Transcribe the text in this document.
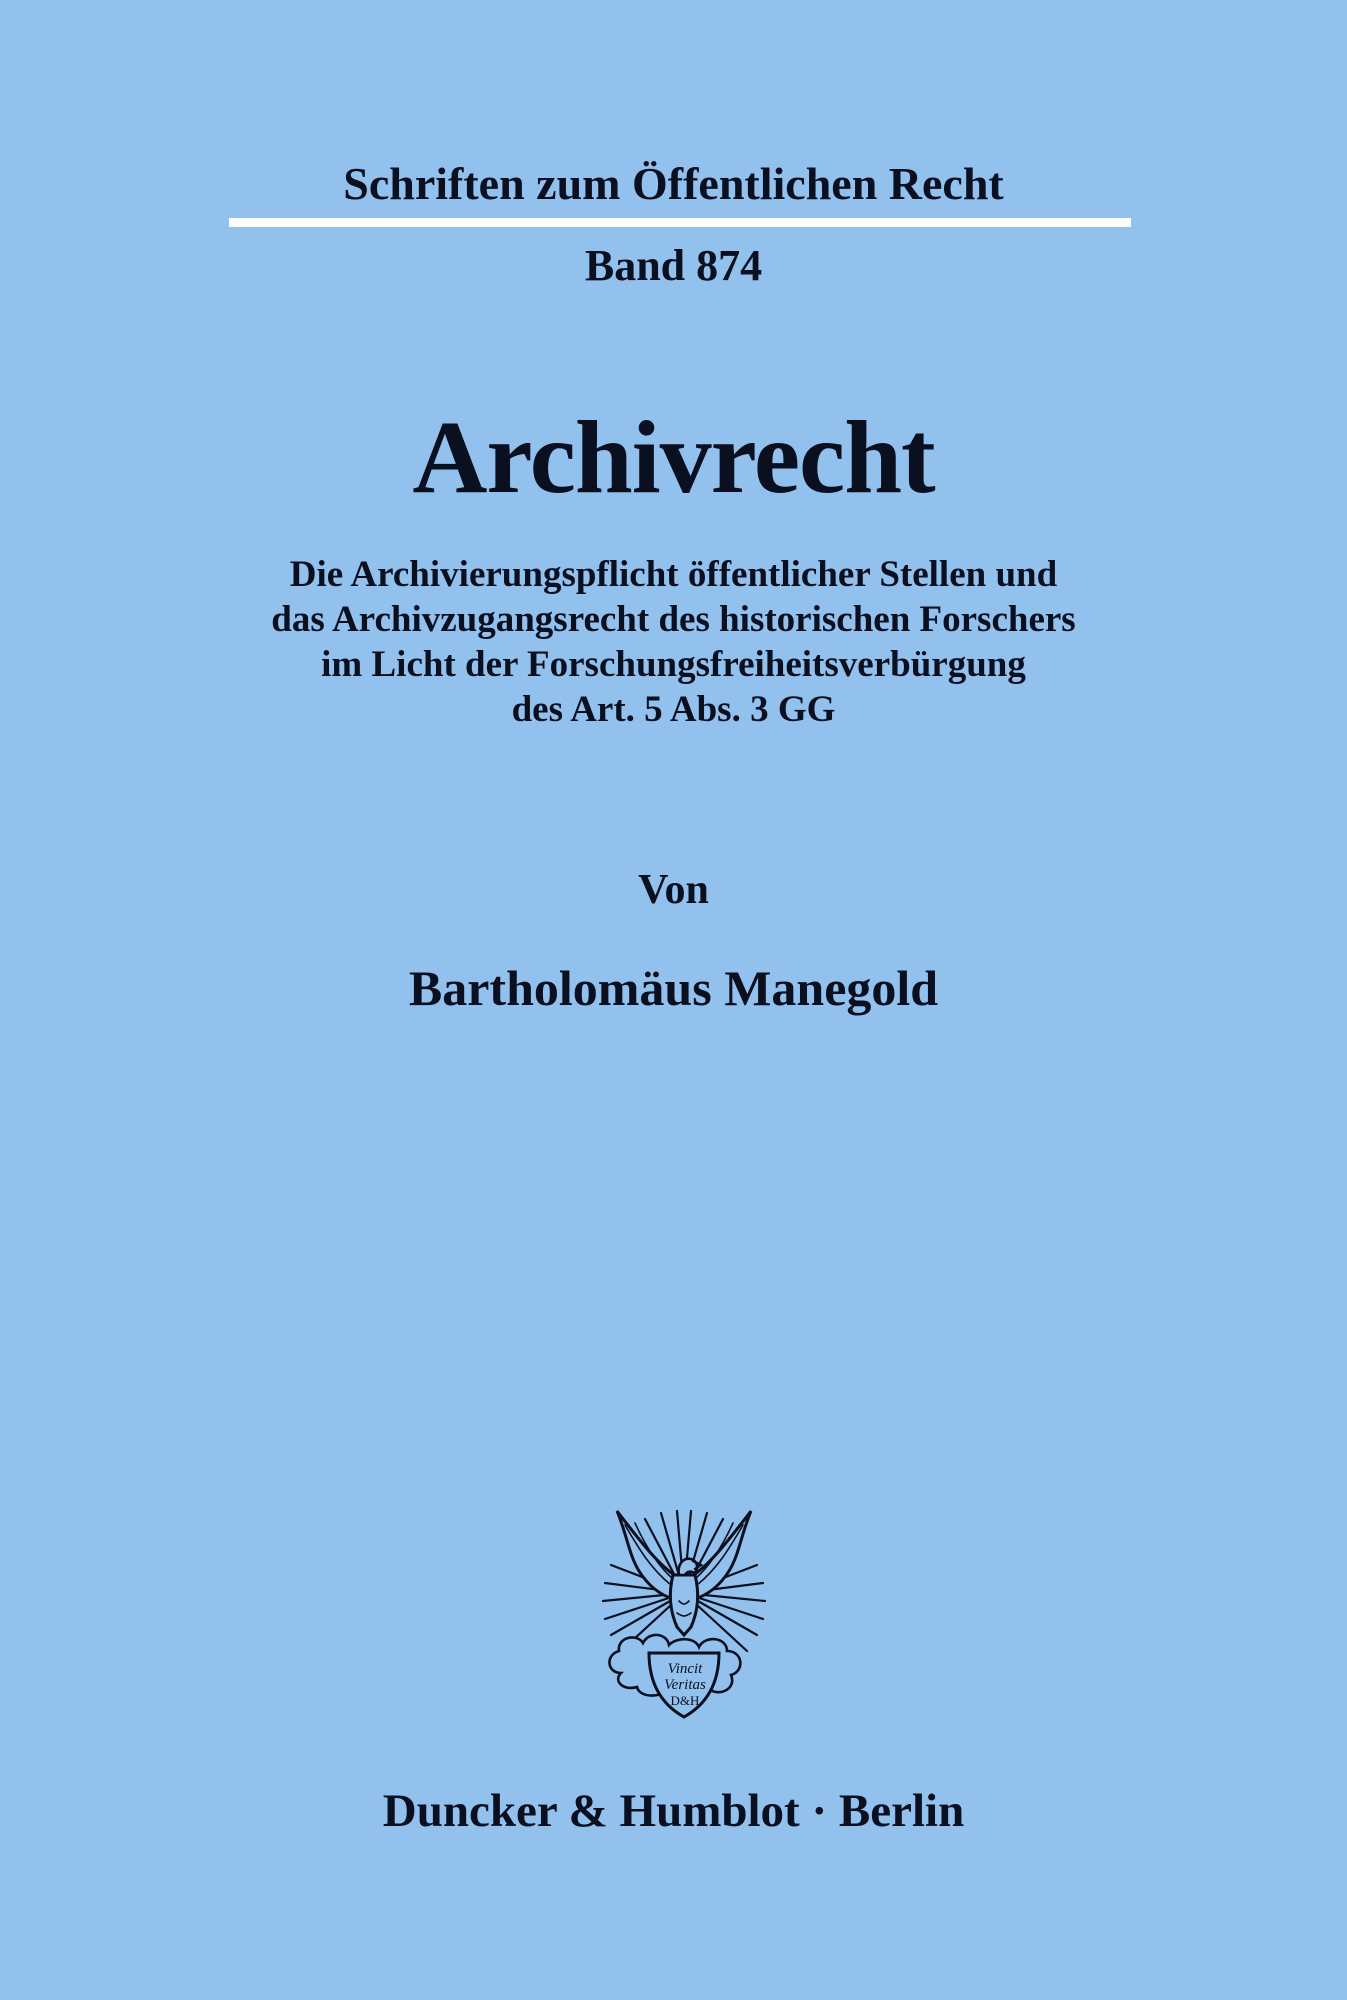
Schriften zum Öffentlichen Recht
Band 874
Archivrecht
Die Archivierungspflicht öffentlicher Stellen und
das Archivzugangsrecht des historischen Forschers
im Licht der Forschungsfreiheitsverbürgung
des Art. 5 Abs. 3 GG
Von
Bartholomäus Manegold
Vincit
Veritas
D&H
Duncker & Humblot · Berlin
